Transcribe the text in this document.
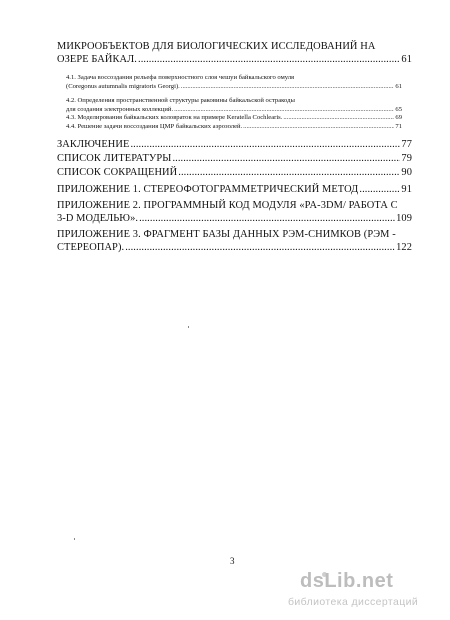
МИКРООБЪЕКТОВ ДЛЯ БИОЛОГИЧЕСКИХ ИССЛЕДОВАНИЙ НА
ОЗЕРЕ БАЙКАЛ. .....	61
4.1. Задача воссоздания рельефа поверхностного слоя чешуи байкальского омуля
(Coregonus autumnalis migratoris Georgi). .....	61
4.2. Определения пространственной структуры раковины байкальской остракоды
для создания электронных коллекций. .....	65
4.3. Моделирования байкальских коловраток на примере Keratella Cochlearis. .....	69
4.4. Решение задачи воссоздания ЦМР байкальских аэрозолей. .....	71
ЗАКЛЮЧЕНИЕ .....	77
СПИСОК ЛИТЕРАТУРЫ .....	79
СПИСОК СОКРАЩЕНИЙ .....	90
ПРИЛОЖЕНИЕ 1. СТЕРЕОФОТОГРАММЕТРИЧЕСКИЙ МЕТОД .....	91
ПРИЛОЖЕНИЕ 2. ПРОГРАММНЫЙ КОД МОДУЛЯ «PA-3DM/ РАБОТА С
3-D МОДЕЛЬЮ». .....	109
ПРИЛОЖЕНИЕ 3. ФРАГМЕНТ БАЗЫ ДАННЫХ РЭМ-СНИМКОВ (РЭМ -
СТЕРЕОПАР). .....	122
3
dsLib.net
библиотека диссертаций
